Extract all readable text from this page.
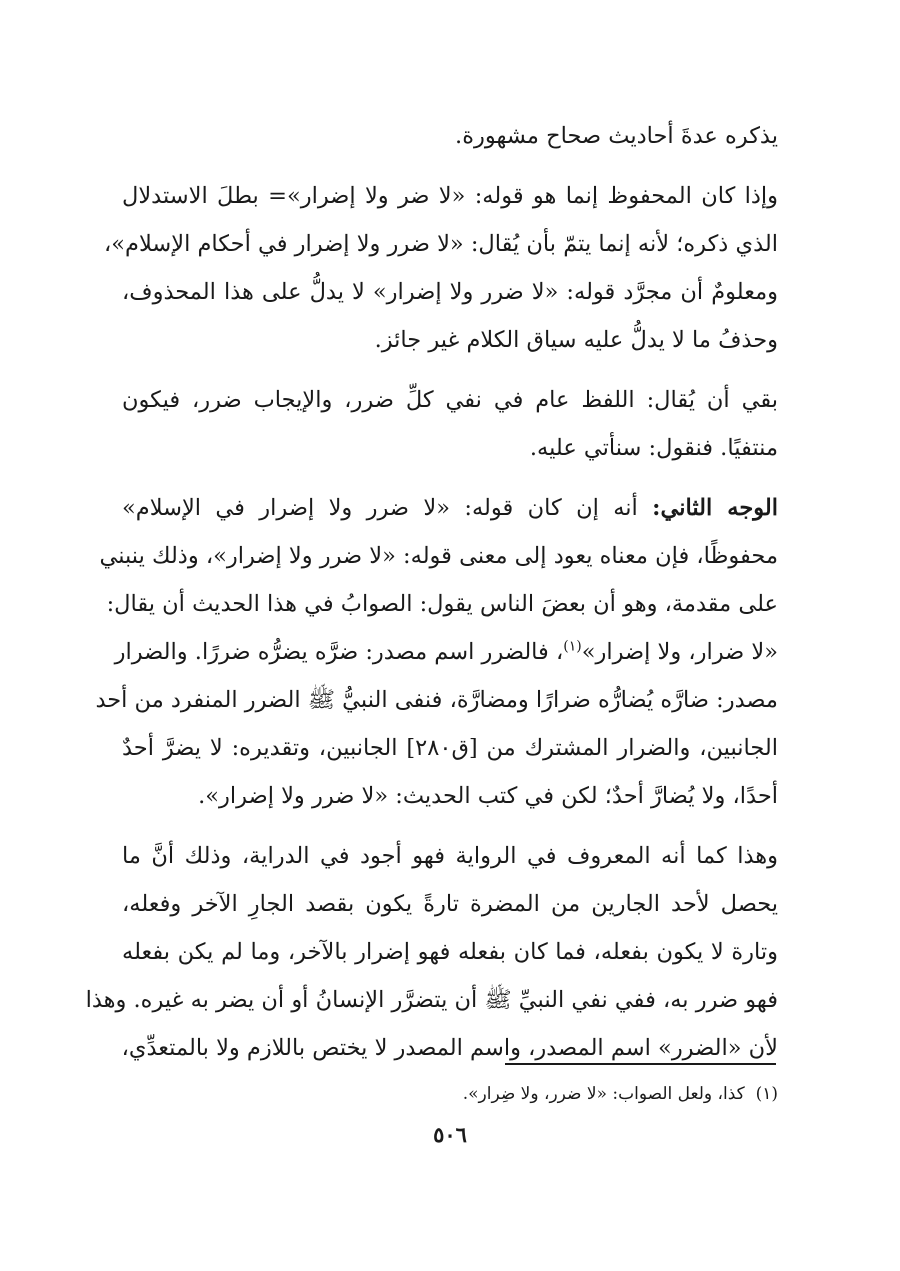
يذكره عدةَ أحاديث صحاح مشهورة.
وإذا كان المحفوظ إنما هو قوله: «لا ضر ولا إضرار»= بطلَ الاستدلال
الذي ذكره؛ لأنه إنما يتمّ بأن يُقال: «لا ضرر ولا إضرار في أحكام الإسلام»،
ومعلومٌ أن مجرَّد قوله: «لا ضرر ولا إضرار» لا يدلُّ على هذا المحذوف،
وحذفُ ما لا يدلُّ عليه سياق الكلام غير جائز.
بقي أن يُقال: اللفظ عام في نفي كلِّ ضرر، والإيجاب ضرر، فيكون
منتفيًا. فنقول: سنأتي عليه.
الوجه الثاني: أنه إن كان قوله: «لا ضرر ولا إضرار في الإسلام»
محفوظًا، فإن معناه يعود إلى معنى قوله: «لا ضرر ولا إضرار»، وذلك ينبني
على مقدمة، وهو أن بعضَ الناس يقول: الصوابُ في هذا الحديث أن يقال:
«لا ضرار، ولا إضرار»$^{(١)}$، فالضرر اسم مصدر: ضرَّه يضرُّه ضررًا. والضرار
مصدر: ضارَّه يُضارُّه ضرارًا ومضارَّة، فنفى النبيُّ ﷺ الضرر المنفرد من أحد
الجانبين، والضرار المشترك من [ق٢٨٠] الجانبين، وتقديره: لا يضرَّ أحدٌ
أحدًا، ولا يُضارَّ أحدٌ؛ لكن في كتب الحديث: «لا ضرر ولا إضرار».
وهذا كما أنه المعروف في الرواية فهو أجود في الدراية، وذلك أنَّ ما
يحصل لأحد الجارين من المضرة تارةً يكون بقصد الجارِ الآخر وفعله،
وتارة لا يكون بفعله، فما كان بفعله فهو إضرار بالآخر، وما لم يكن بفعله
فهو ضرر به، ففي نفي النبيِّ ﷺ أن يتضرَّر الإنسانُ أو أن يضر به غيره. وهذا
لأن «الضرر» اسم المصدر، واسم المصدر لا يختص باللازم ولا بالمتعدِّي،
(١)  كذا، ولعل الصواب: «لا ضرر، ولا ضِرار».
٥٠٦
